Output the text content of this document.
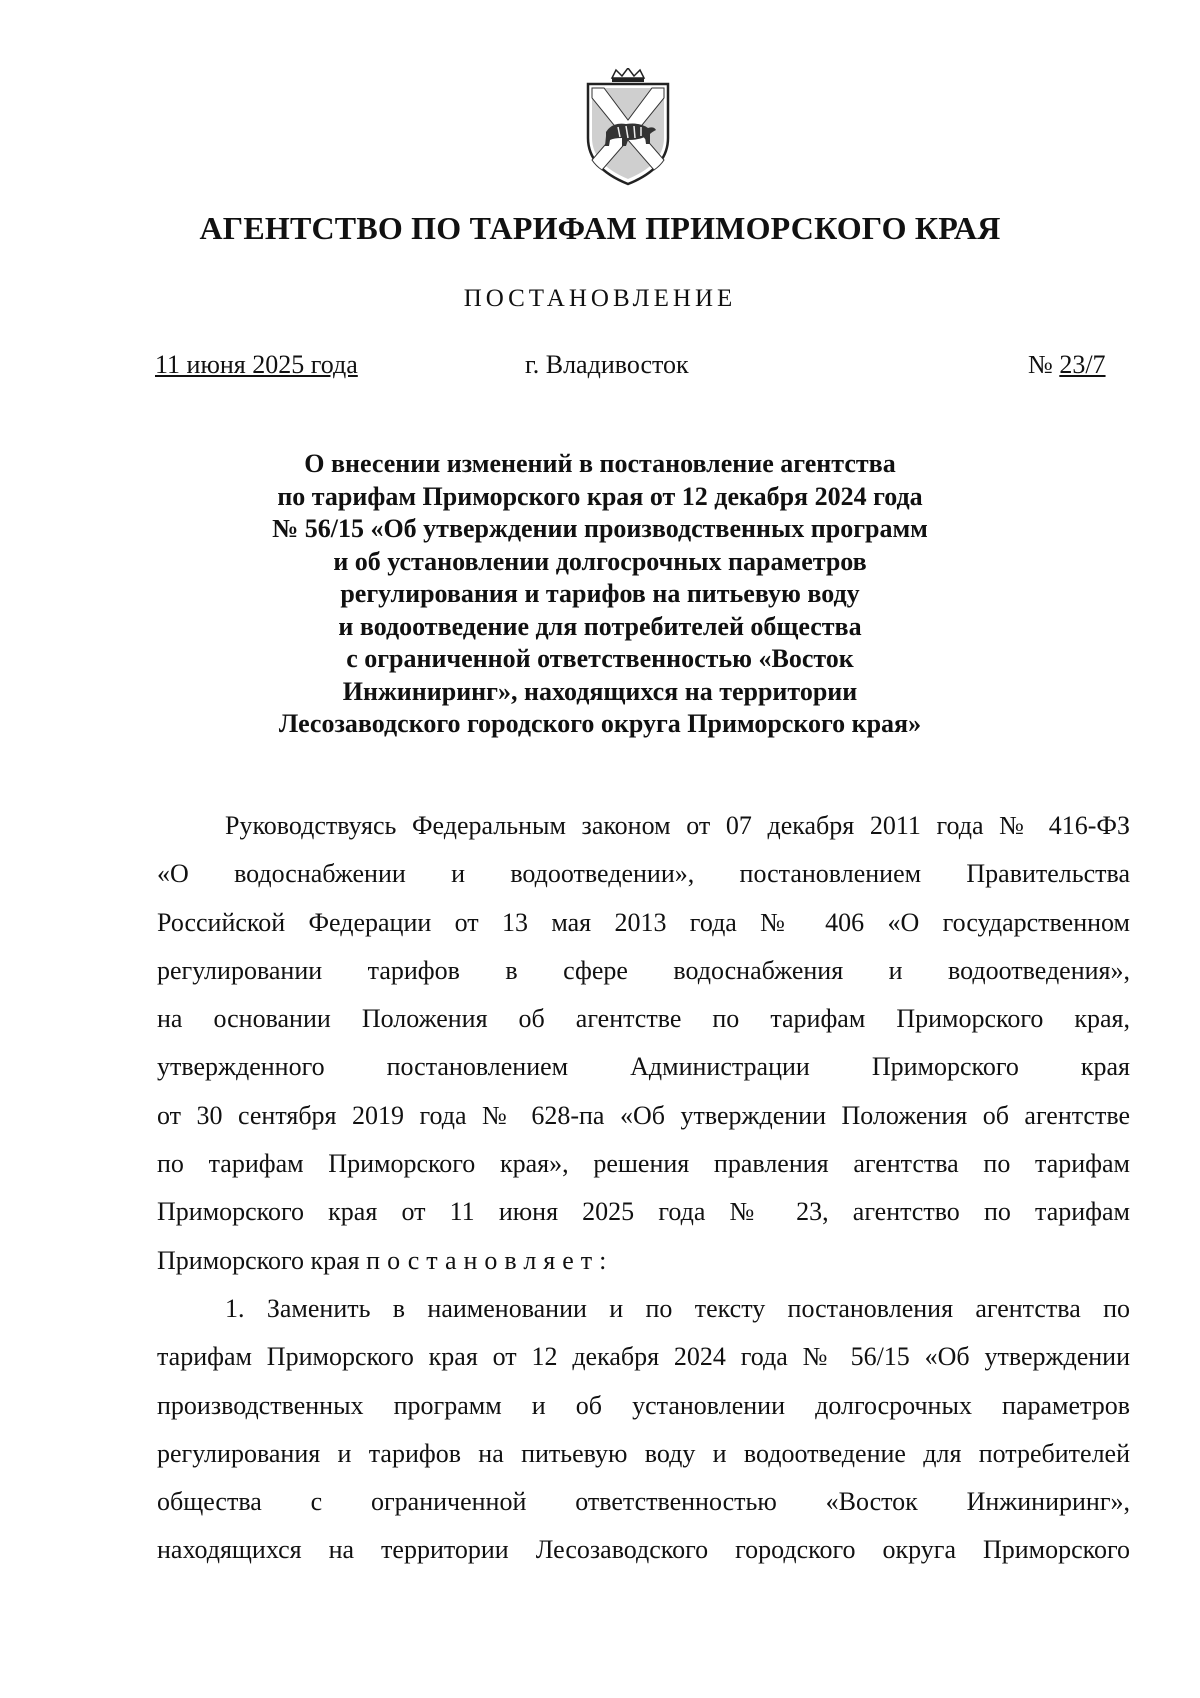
АГЕНТСТВО ПО ТАРИФАМ ПРИМОРСКОГО КРАЯ
ПОСТАНОВЛЕНИЕ
11 июня 2025 года	г. Владивосток	№ 23/7
О внесении изменений в постановление агентства
по тарифам Приморского края от 12 декабря 2024 года
№ 56/15 «Об утверждении производственных программ
и об установлении долгосрочных параметров
регулирования и тарифов на питьевую воду
и водоотведение для потребителей общества
с ограниченной ответственностью «Восток
Инжиниринг», находящихся на территории
Лесозаводского городского округа Приморского края»

Руководствуясь Федеральным законом от 07 декабря 2011 года № 416-ФЗ
«О водоснабжении и водоотведении», постановлением Правительства
Российской Федерации от 13 мая 2013 года № 406 «О государственном
регулировании тарифов в сфере водоснабжения и водоотведения»,
на основании Положения об агентстве по тарифам Приморского края,
утвержденного постановлением Администрации Приморского края
от 30 сентября 2019 года № 628-па «Об утверждении Положения об агентстве
по тарифам Приморского края», решения правления агентства по тарифам
Приморского края от 11 июня 2025 года № 23, агентство по тарифам
Приморского края постановляет:

1. Заменить в наименовании и по тексту постановления агентства по
тарифам Приморского края от 12 декабря 2024 года № 56/15 «Об утверждении
производственных программ и об установлении долгосрочных параметров
регулирования и тарифов на питьевую воду и водоотведение для потребителей
общества с ограниченной ответственностью «Восток Инжиниринг»,
находящихся на территории Лесозаводского городского округа Приморского
